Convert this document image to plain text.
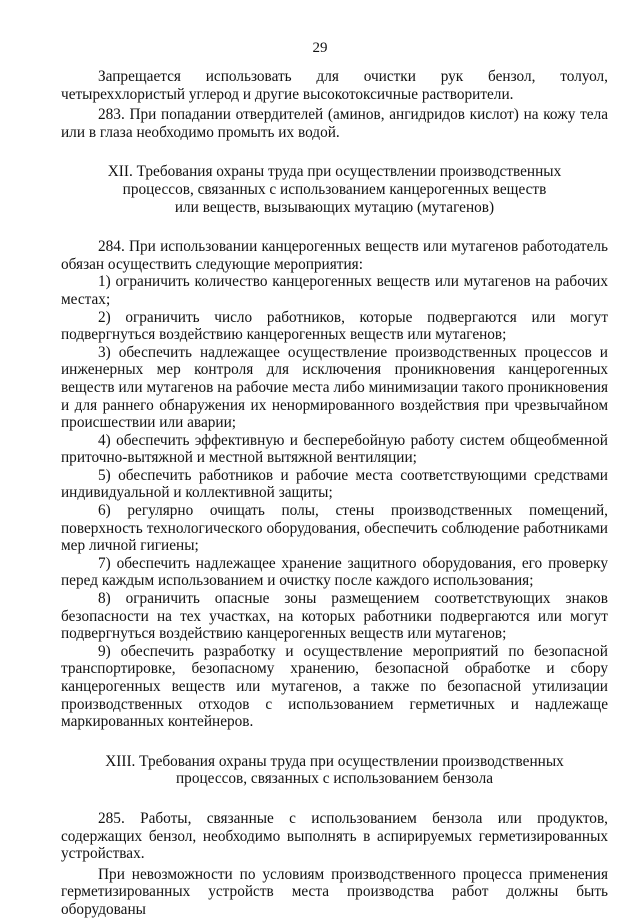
29

Запрещается использовать для очистки рук бензол, толуол, четыреххлористый углерод и другие высокотоксичные растворители.

283. При попадании отвердителей (аминов, ангидридов кислот) на кожу тела или в глаза необходимо промыть их водой.

XII. Требования охраны труда при осуществлении производственных

процессов, связанных с использованием канцерогенных веществ

или веществ, вызывающих мутацию (мутагенов)

284. При использовании канцерогенных веществ или мутагенов работодатель обязан осуществить следующие мероприятия:

1) ограничить количество канцерогенных веществ или мутагенов на рабочих местах;

2) ограничить число работников, которые подвергаются или могут подвергнуться воздействию канцерогенных веществ или мутагенов;

3) обеспечить надлежащее осуществление производственных процессов и инженерных мер контроля для исключения проникновения канцерогенных веществ или мутагенов на рабочие места либо минимизации такого проникновения и для раннего обнаружения их ненормированного воздействия при чрезвычайном происшествии или аварии;

4) обеспечить эффективную и бесперебойную работу систем общеобменной приточно-вытяжной и местной вытяжной вентиляции;

5) обеспечить работников и рабочие места соответствующими средствами индивидуальной и коллективной защиты;

6) регулярно очищать полы, стены производственных помещений, поверхность технологического оборудования, обеспечить соблюдение работниками мер личной гигиены;

7) обеспечить надлежащее хранение защитного оборудования, его проверку перед каждым использованием и очистку после каждого использования;

8) ограничить опасные зоны размещением соответствующих знаков безопасности на тех участках, на которых работники подвергаются или могут подвергнуться воздействию канцерогенных веществ или мутагенов;

9) обеспечить разработку и осуществление мероприятий по безопасной транспортировке, безопасному хранению, безопасной обработке и сбору канцерогенных веществ или мутагенов, а также по безопасной утилизации производственных отходов с использованием герметичных и надлежаще маркированных контейнеров.

XIII. Требования охраны труда при осуществлении производственных

процессов, связанных с использованием бензола

285. Работы, связанные с использованием бензола или продуктов, содержащих бензол, необходимо выполнять в аспирируемых герметизированных устройствах.

При невозможности по условиям производственного процесса применения герметизированных устройств места производства работ должны быть оборудованы
